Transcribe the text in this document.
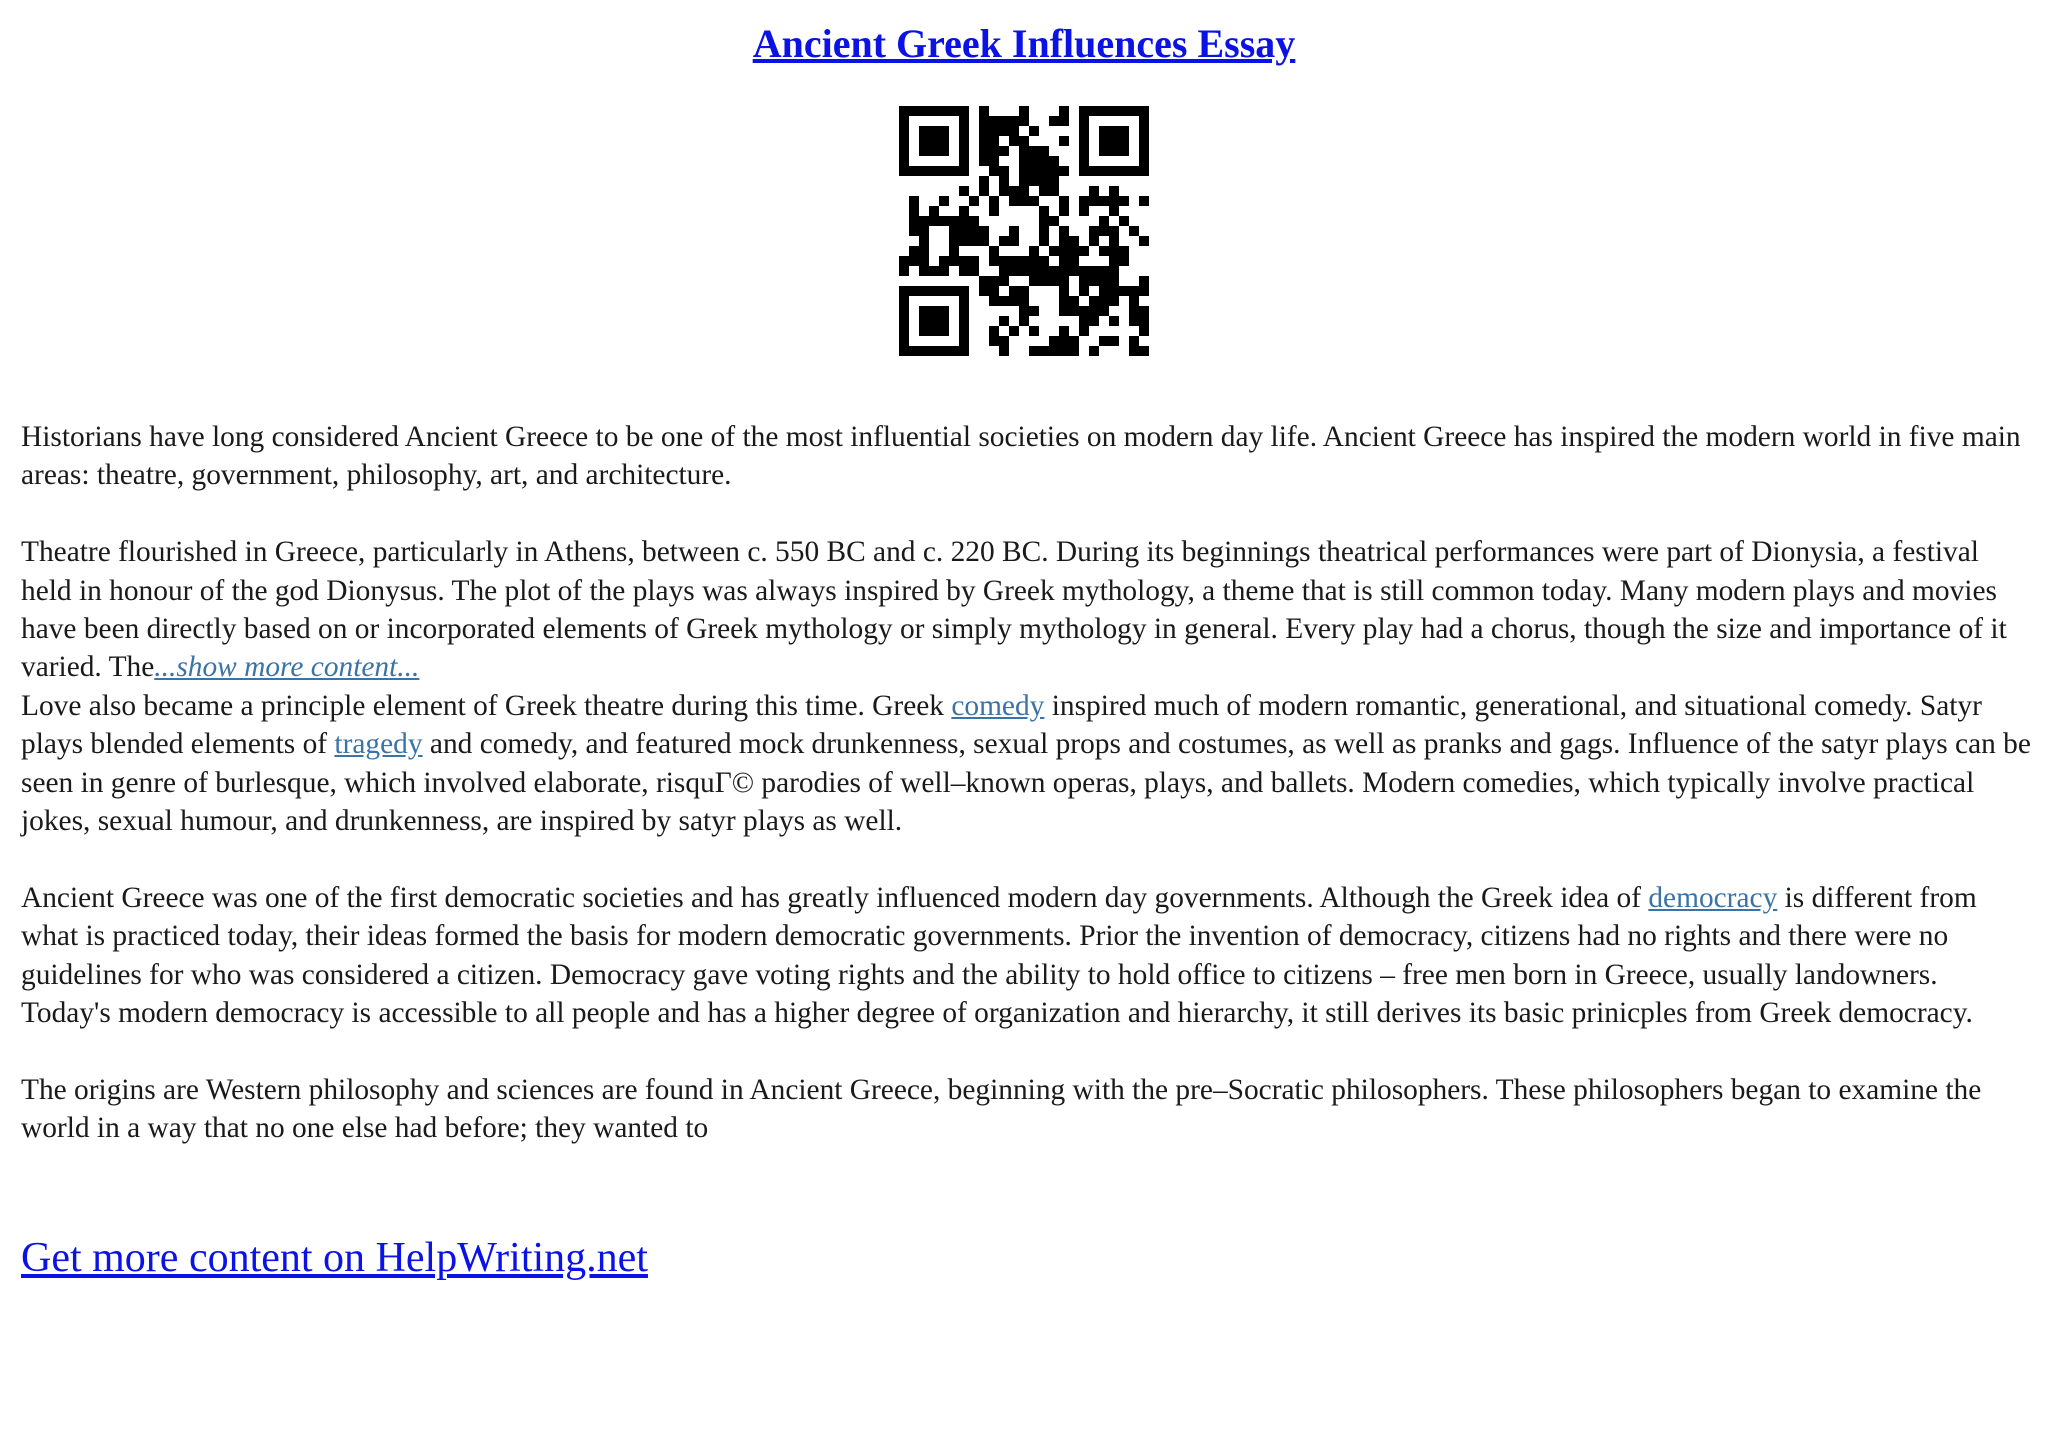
Ancient Greek Influences Essay

Historians have long considered Ancient Greece to be one of the most influential societies on modern day life. Ancient Greece has inspired the modern world in five main areas: theatre, government, philosophy, art, and architecture.

Theatre flourished in Greece, particularly in Athens, between c. 550 BC and c. 220 BC. During its beginnings theatrical performances were part of Dionysia, a festival held in honour of the god Dionysus. The plot of the plays was always inspired by Greek mythology, a theme that is still common today. Many modern plays and movies have been directly based on or incorporated elements of Greek mythology or simply mythology in general. Every play had a chorus, though the size and importance of it varied. The...show more content...

Love also became a principle element of Greek theatre during this time. Greek comedy inspired much of modern romantic, generational, and situational comedy. Satyr plays blended elements of tragedy and comedy, and featured mock drunkenness, sexual props and costumes, as well as pranks and gags. Influence of the satyr plays can be seen in genre of burlesque, which involved elaborate, risquГ© parodies of well–known operas, plays, and ballets. Modern comedies, which typically involve practical jokes, sexual humour, and drunkenness, are inspired by satyr plays as well.

Ancient Greece was one of the first democratic societies and has greatly influenced modern day governments. Although the Greek idea of democracy is different from what is practiced today, their ideas formed the basis for modern democratic governments. Prior the invention of democracy, citizens had no rights and there were no guidelines for who was considered a citizen. Democracy gave voting rights and the ability to hold office to citizens – free men born in Greece, usually landowners. Today's modern democracy is accessible to all people and has a higher degree of organization and hierarchy, it still derives its basic prinicples from Greek democracy.

The origins are Western philosophy and sciences are found in Ancient Greece, beginning with the pre–Socratic philosophers. These philosophers began to examine the world in a way that no one else had before; they wanted to

Get more content on HelpWriting.net
